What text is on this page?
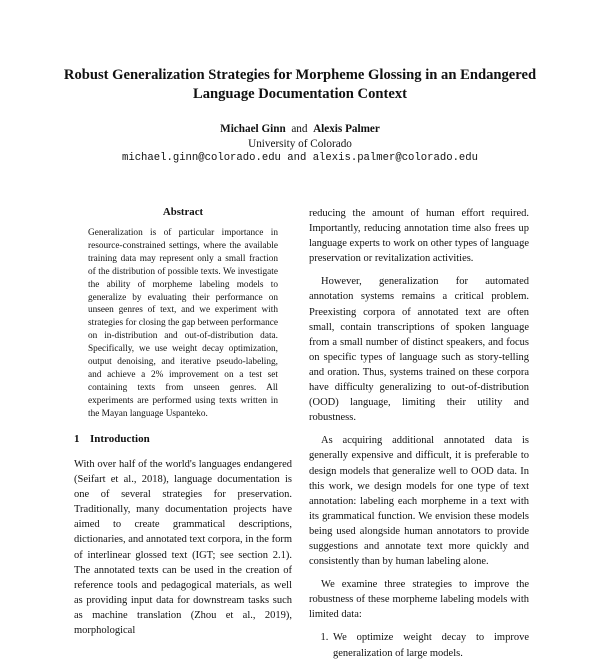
Robust Generalization Strategies for Morpheme Glossing in an Endangered Language Documentation Context
Michael Ginn and Alexis Palmer
University of Colorado
michael.ginn@colorado.edu and alexis.palmer@colorado.edu
Abstract
Generalization is of particular importance in resource-constrained settings, where the available training data may represent only a small fraction of the distribution of possible texts. We investigate the ability of morpheme labeling models to generalize by evaluating their performance on unseen genres of text, and we experiment with strategies for closing the gap between performance on in-distribution and out-of-distribution data. Specifically, we use weight decay optimization, output denoising, and iterative pseudo-labeling, and achieve a 2% improvement on a test set containing texts from unseen genres. All experiments are performed using texts written in the Mayan language Uspanteko.
1 Introduction

With over half of the world's languages endangered (Seifart et al., 2018), language documentation is one of several strategies for preservation. Traditionally, many documentation projects have aimed to create grammatical descriptions, dictionaries, and annotated text corpora, in the form of interlinear glossed text (IGT; see section 2.1). The annotated texts can be used in the creation of reference tools and pedagogical materials, as well as providing input data for downstream tasks such as machine translation (Zhou et al., 2019), morphological

reducing the amount of human effort required. Importantly, reducing annotation time also frees up language experts to work on other types of language preservation or revitalization activities.

However, generalization for automated annotation systems remains a critical problem. Preexisting corpora of annotated text are often small, contain transcriptions of spoken language from a small number of distinct speakers, and focus on specific types of language such as story-telling and oration. Thus, systems trained on these corpora have difficulty generalizing to out-of-distribution (OOD) language, limiting their utility and robustness.

As acquiring additional annotated data is generally expensive and difficult, it is preferable to design models that generalize well to OOD data. In this work, we design models for one type of text annotation: labeling each morpheme in a text with its grammatical function. We envision these models being used alongside human annotators to provide suggestions and annotate text more quickly and consistently than by human labeling alone.

We examine three strategies to improve the robustness of these morpheme labeling models with limited data:

1. We optimize weight decay to improve generalization of large models.
